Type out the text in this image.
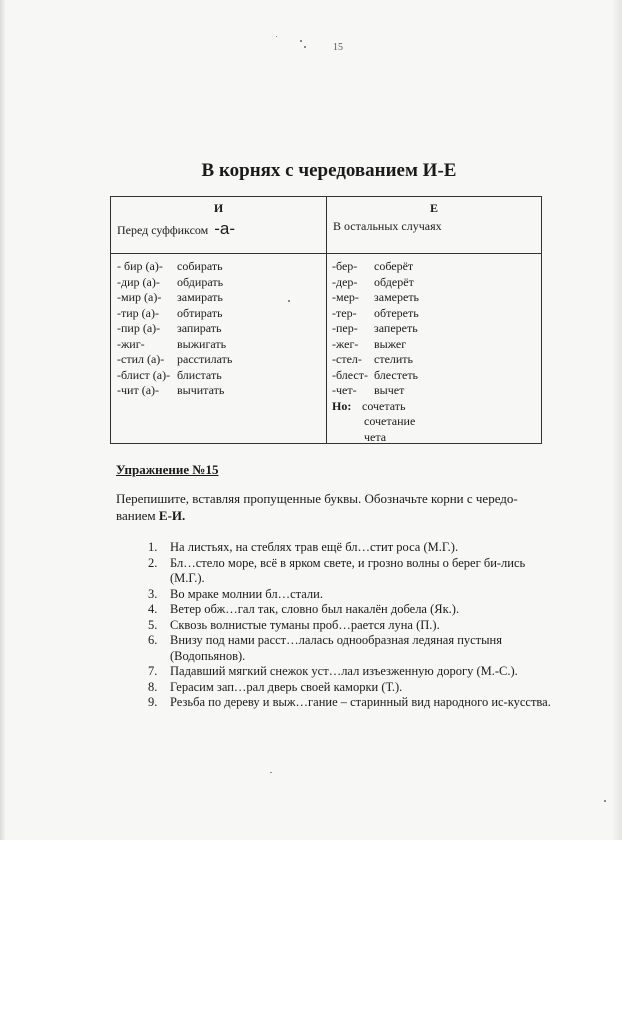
15
В корнях с чередованием И-Е
И
Перед суффиксом -а-
Е
В остальных случаях
- бир (а)- собирать
-дир (а)- обдирать
-мир (а)- замирать
-тир (а)- обтирать
-пир (а)- запирать
-жиг-	выжигать
-стил (а)- расстилать
-блист (а)- блистать
-чит (а)- вычитать
-бер- соберёт
-дер- обдерёт
-мер- замереть
-тер- обтереть
-пер- запереть
-жег- выжег
-стел- стелить
-блест- блестеть
-чет- вычет
Но: сочетать
сочетание
чета
Упражнение №15
Перепишите, вставляя пропущенные буквы. Обозначьте корни с чередо-ванием Е-И.
1.	На листьях, на стеблях трав ещё бл…стит роса (М.Г.).
2.	Бл…стело море, всё в ярком свете, и грозно волны о берег би-лись (М.Г.).
3.	Во мраке молнии бл…стали.
4.	Ветер обж…гал так, словно был накалён добела (Як.).
5.	Сквозь волнистые туманы проб…рается луна (П.).
6.	Внизу под нами расст…лалась однообразная ледяная пустыня (Водопьянов).
7.	Падавший мягкий снежок уст…лал изъезженную дорогу (М.-С.).
8.	Герасим зап…рал дверь своей каморки (Т.).
9.	Резьба по дереву и выж…гание – старинный вид народного ис-кусства.
